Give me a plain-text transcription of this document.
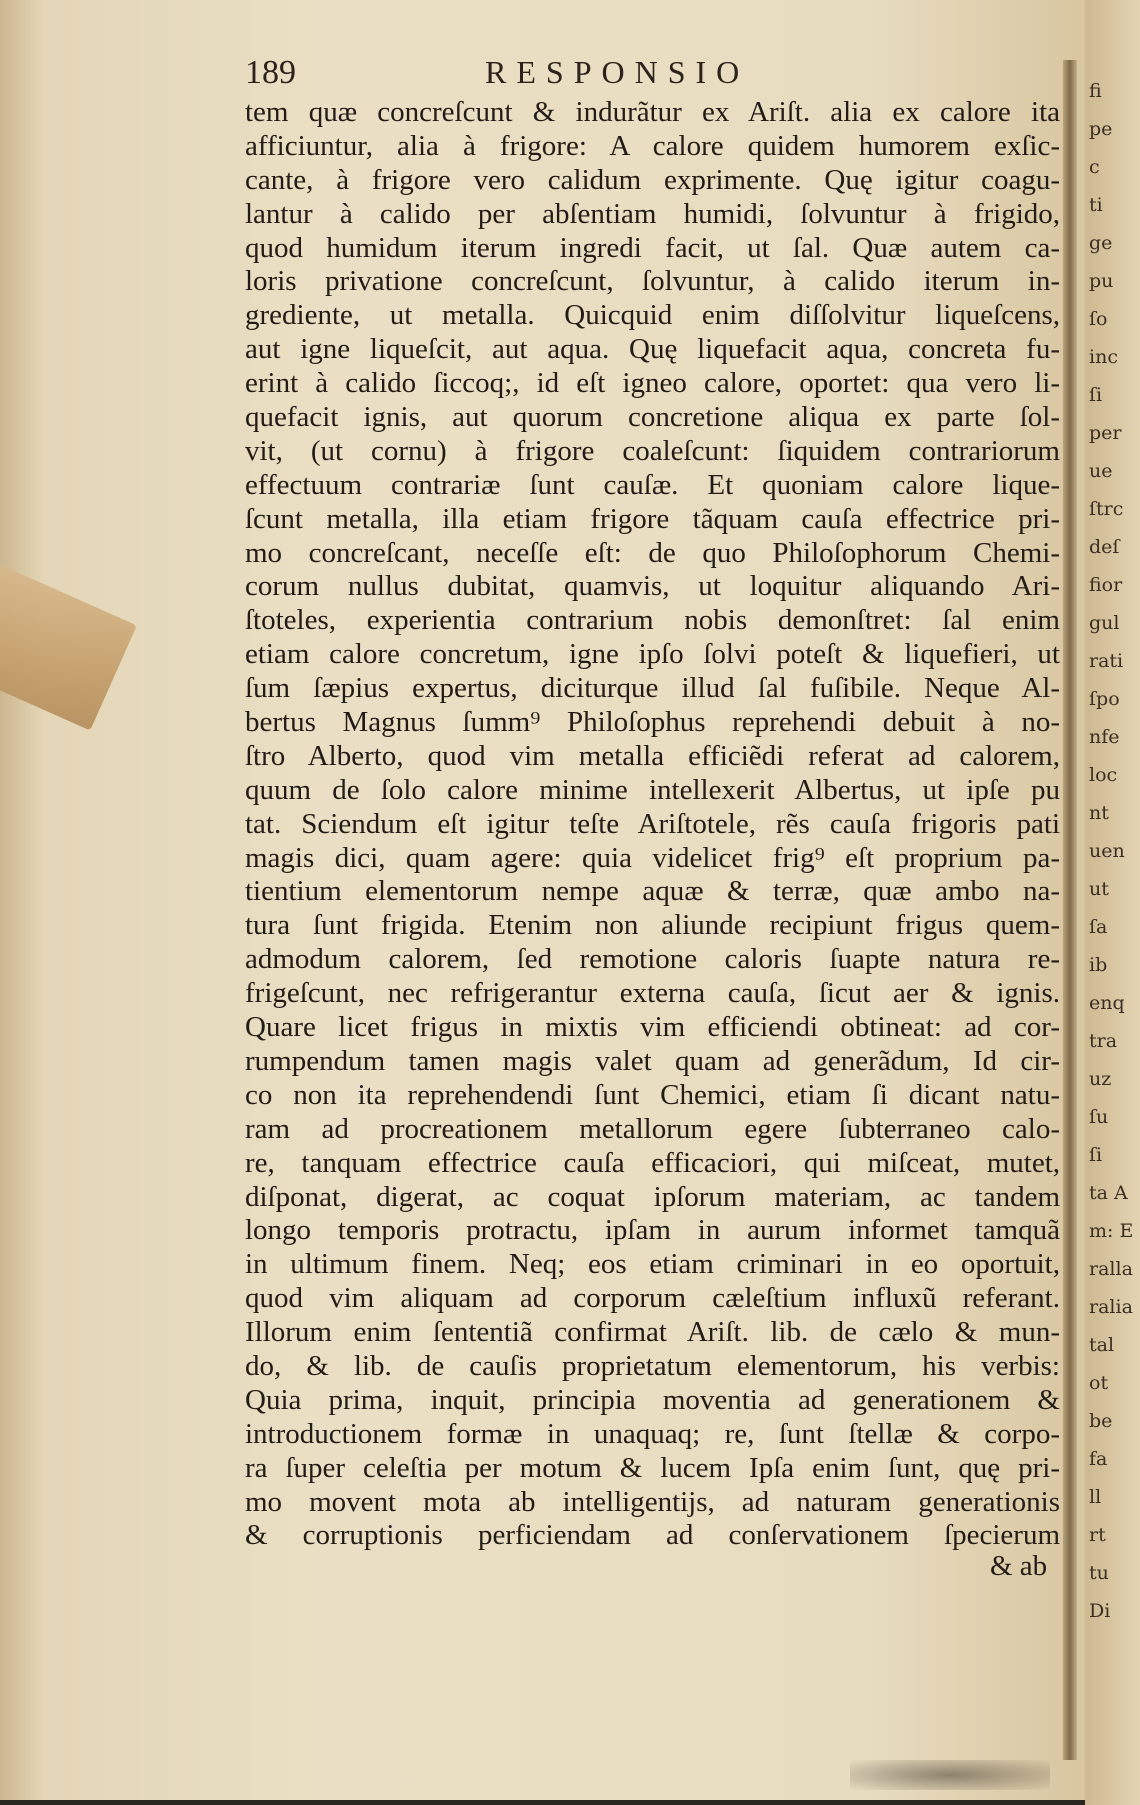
189	RESPONSIO
tem quæ concreſcunt & indurãtur ex Ariſt. alia ex calore ita
afficiuntur, alia à frigore: A calore quidem humorem exſic-
cante, à frigore vero calidum exprimente. Quę igitur coagu-
lantur à calido per abſentiam humidi, ſolvuntur à frigido,
quod humidum iterum ingredi facit, ut ſal. Quæ autem ca-
loris privatione concreſcunt, ſolvuntur, à calido iterum in-
grediente, ut metalla. Quicquid enim diſſolvitur liqueſcens,
aut igne liqueſcit, aut aqua. Quę liquefacit aqua, concreta fu-
erint à calido ſiccoq;, id eſt igneo calore, oportet: qua vero li-
quefacit ignis, aut quorum concretione aliqua ex parte ſol-
vit, (ut cornu) à frigore coaleſcunt: ſiquidem contrariorum
effectuum contrariæ ſunt cauſæ. Et quoniam calore lique-
ſcunt metalla, illa etiam frigore tãquam cauſa effectrice pri-
mo concreſcant, neceſſe eſt: de quo Philoſophorum Chemi-
corum nullus dubitat, quamvis, ut loquitur aliquando Ari-
ſtoteles, experientia contrarium nobis demonſtret: ſal enim
etiam calore concretum, igne ipſo ſolvi poteſt & liquefieri, ut
ſum ſæpius expertus, diciturque illud ſal fuſibile. Neque Al-
bertus Magnus ſumm⁹ Philoſophus reprehendi debuit à no-
ſtro Alberto, quod vim metalla efficiẽdi referat ad calorem,
quum de ſolo calore minime intellexerit Albertus, ut ipſe pu
tat. Sciendum eſt igitur teſte Ariſtotele, rẽs cauſa frigoris pati
magis dici, quam agere: quia videlicet frig⁹ eſt proprium pa-
tientium elementorum nempe aquæ & terræ, quæ ambo na-
tura ſunt frigida. Etenim non aliunde recipiunt frigus quem-
admodum calorem, ſed remotione caloris ſuapte natura re-
frigeſcunt, nec refrigerantur externa cauſa, ſicut aer & ignis.
Quare licet frigus in mixtis vim efficiendi obtineat: ad cor-
rumpendum tamen magis valet quam ad generãdum, Id cir-
co non ita reprehendendi ſunt Chemici, etiam ſi dicant natu-
ram ad procreationem metallorum egere ſubterraneo calo-
re, tanquam effectrice cauſa efficaciori, qui miſceat, mutet,
diſponat, digerat, ac coquat ipſorum materiam, ac tandem
longo temporis protractu, ipſam in aurum informet tamquã
in ultimum finem. Neq; eos etiam criminari in eo oportuit,
quod vim aliquam ad corporum cæleſtium influxũ referant.
Illorum enim ſententiã confirmat Ariſt. lib. de cælo & mun-
do, & lib. de cauſis proprietatum elementorum, his verbis:
Quia prima, inquit, principia moventia ad generationem &
introductionem formæ in unaquaq; re, ſunt ſtellæ & corpo-
ra ſuper celeſtia per motum & lucem Ipſa enim ſunt, quę pri-
mo movent mota ab intelligentijs, ad naturam generationis
& corruptionis perficiendam ad conſervationem ſpecierum
& ab
fi
pe
c
ti
ge
pu
ſo
inc
ſi
per
ue
ſtrc
deſ
fior
gul
rati
ſpo
nfe
loc
nt
uen
ut
ſa
ib
enq
tra
uz
ſu
ſi
ta A
m: E
ralla
ralia
tal
ot
be
fa
ll
rt
tu
Di
